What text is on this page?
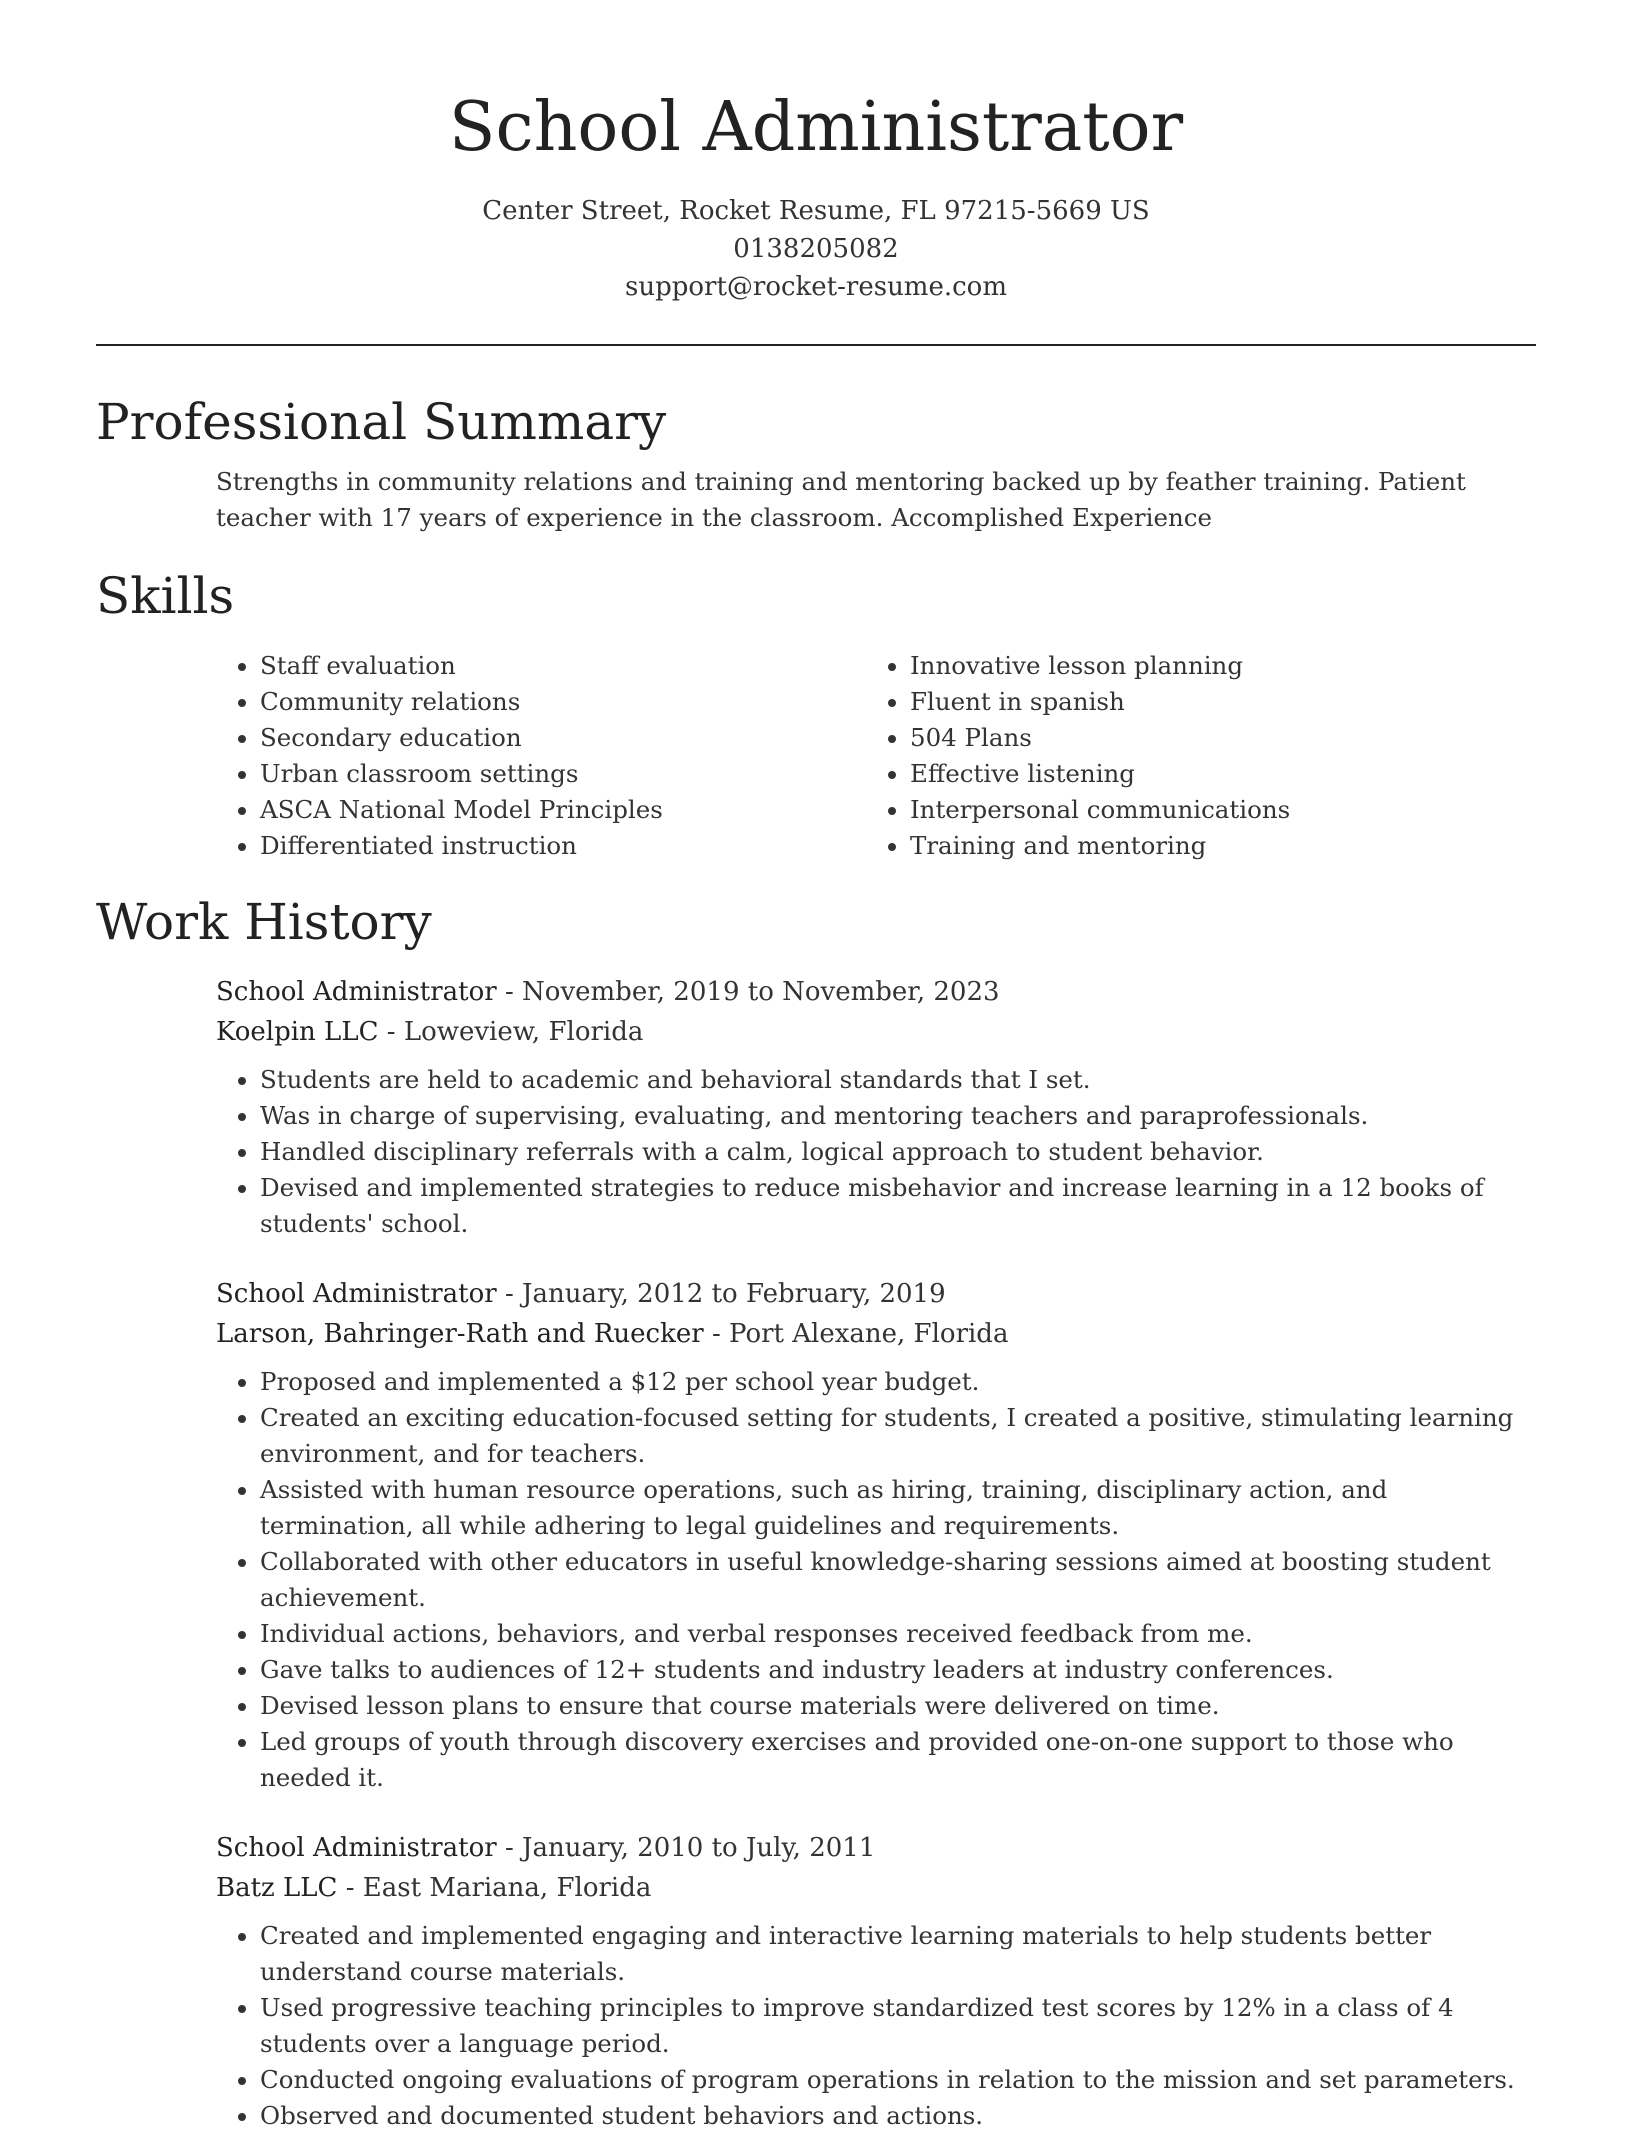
School Administrator
Center Street, Rocket Resume, FL 97215-5669 US
0138205082
support@rocket-resume.com
Professional Summary

Strengths in community relations and training and mentoring backed up by feather training. Patient teacher with 17 years of experience in the classroom. Accomplished Experience

Skills
• Staff evaluation
• Community relations
• Secondary education
• Urban classroom settings
• ASCA National Model Principles
• Differentiated instruction
• Innovative lesson planning
• Fluent in spanish
• 504 Plans
• Effective listening
• Interpersonal communications
• Training and mentoring
Work History
School Administrator - November, 2019 to November, 2023
Koelpin LLC - Loweview, Florida
• Students are held to academic and behavioral standards that I set.
• Was in charge of supervising, evaluating, and mentoring teachers and paraprofessionals.
• Handled disciplinary referrals with a calm, logical approach to student behavior.
• Devised and implemented strategies to reduce misbehavior and increase learning in a 12 books of students' school.
School Administrator - January, 2012 to February, 2019
Larson, Bahringer-Rath and Ruecker - Port Alexane, Florida
• Proposed and implemented a $12 per school year budget.
• Created an exciting education-focused setting for students, I created a positive, stimulating learning environment, and for teachers.
• Assisted with human resource operations, such as hiring, training, disciplinary action, and termination, all while adhering to legal guidelines and requirements.
• Collaborated with other educators in useful knowledge-sharing sessions aimed at boosting student achievement.
• Individual actions, behaviors, and verbal responses received feedback from me.
• Gave talks to audiences of 12+ students and industry leaders at industry conferences.
• Devised lesson plans to ensure that course materials were delivered on time.
• Led groups of youth through discovery exercises and provided one-on-one support to those who needed it.
School Administrator - January, 2010 to July, 2011
Batz LLC - East Mariana, Florida
• Created and implemented engaging and interactive learning materials to help students better understand course materials.
• Used progressive teaching principles to improve standardized test scores by 12% in a class of 4 students over a language period.
• Conducted ongoing evaluations of program operations in relation to the mission and set parameters.
• Observed and documented student behaviors and actions.
